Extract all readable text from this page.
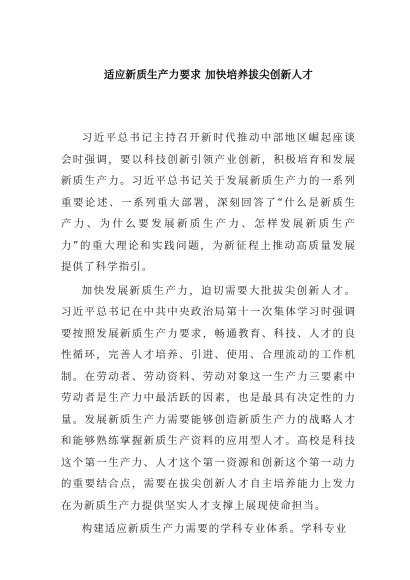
适应新质生产力要求 加快培养拔尖创新人才

习近平总书记主持召开新时代推动中部地区崛起座谈会时强调，要以科技创新引领产业创新，积极培育和发展新质生产力。习近平总书记关于发展新质生产力的一系列重要论述、一系列重大部署，深刻回答了“什么是新质生产力、为什么要发展新质生产力、怎样发展新质生产力”的重大理论和实践问题，为新征程上推动高质量发展提供了科学指引。

加快发展新质生产力，迫切需要大批拔尖创新人才。习近平总书记在中共中央政治局第十一次集体学习时强调要按照发展新质生产力要求，畅通教育、科技、人才的良性循环，完善人才培养、引进、使用、合理流动的工作机制。在劳动者、劳动资料、劳动对象这一生产力三要素中劳动者是生产力中最活跃的因素，也是最具有决定性的力量。发展新质生产力需要能够创造新质生产力的战略人才和能够熟练掌握新质生产资料的应用型人才。高校是科技这个第一生产力、人才这个第一资源和创新这个第一动力的重要结合点，需要在拔尖创新人才自主培养能力上发力在为新质生产力提供坚实人才支撑上展现使命担当。

构建适应新质生产力需要的学科专业体系。学科专业
